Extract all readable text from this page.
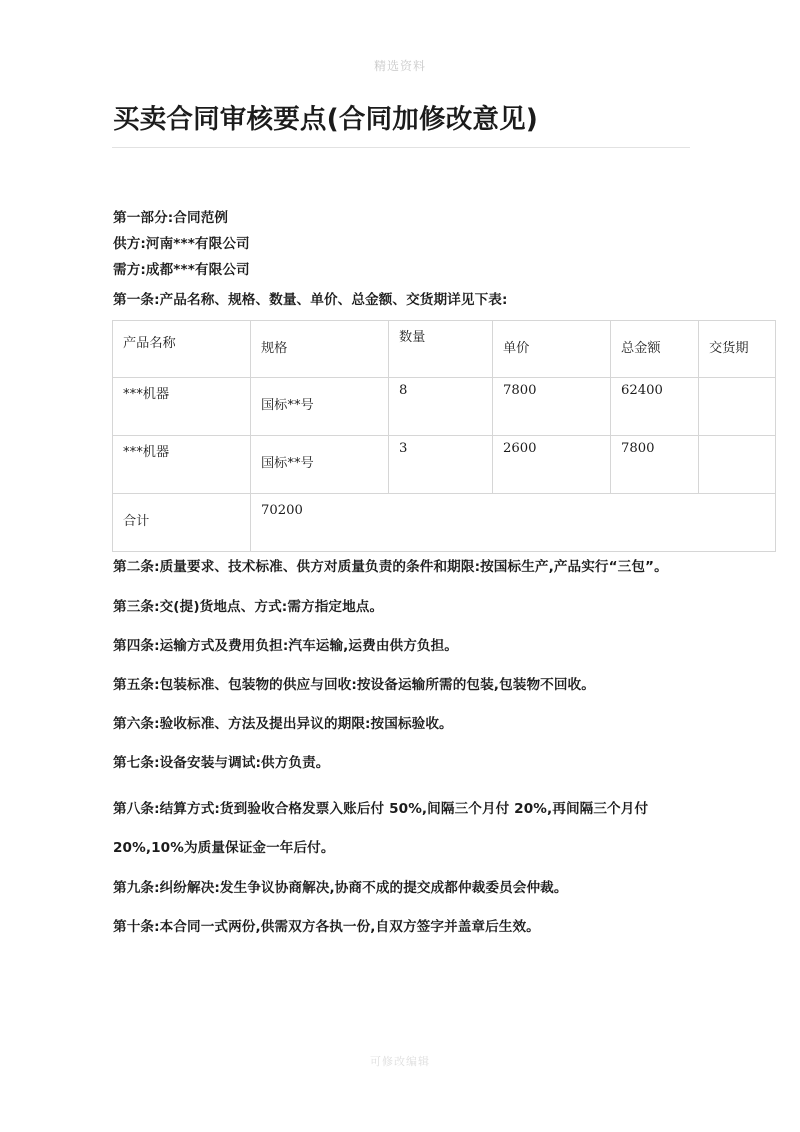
精选资料
买卖合同审核要点(合同加修改意见)
第一部分:合同范例
供方:河南***有限公司
需方:成都***有限公司
第一条:产品名称、规格、数量、单价、总金额、交货期详见下表:
产品名称	规格	数量	单价	总金额	交货期
***机器	国标**号	8	7800	62400	
***机器	国标**号	3	2600	7800	
合计	70200				
第二条:质量要求、技术标准、供方对质量负责的条件和期限:按国标生产,产品实行“三包”。
第三条:交(提)货地点、方式:需方指定地点。
第四条:运输方式及费用负担:汽车运输,运费由供方负担。
第五条:包装标准、包装物的供应与回收:按设备运输所需的包装,包装物不回收。
第六条:验收标准、方法及提出异议的期限:按国标验收。
第七条:设备安装与调试:供方负责。
第八条:结算方式:货到验收合格发票入账后付 50%,间隔三个月付 20%,再间隔三个月付 20%,10%为质量保证金一年后付。
第九条:纠纷解决:发生争议协商解决,协商不成的提交成都仲裁委员会仲裁。
第十条:本合同一式两份,供需双方各执一份,自双方签字并盖章后生效。
可修改编辑
